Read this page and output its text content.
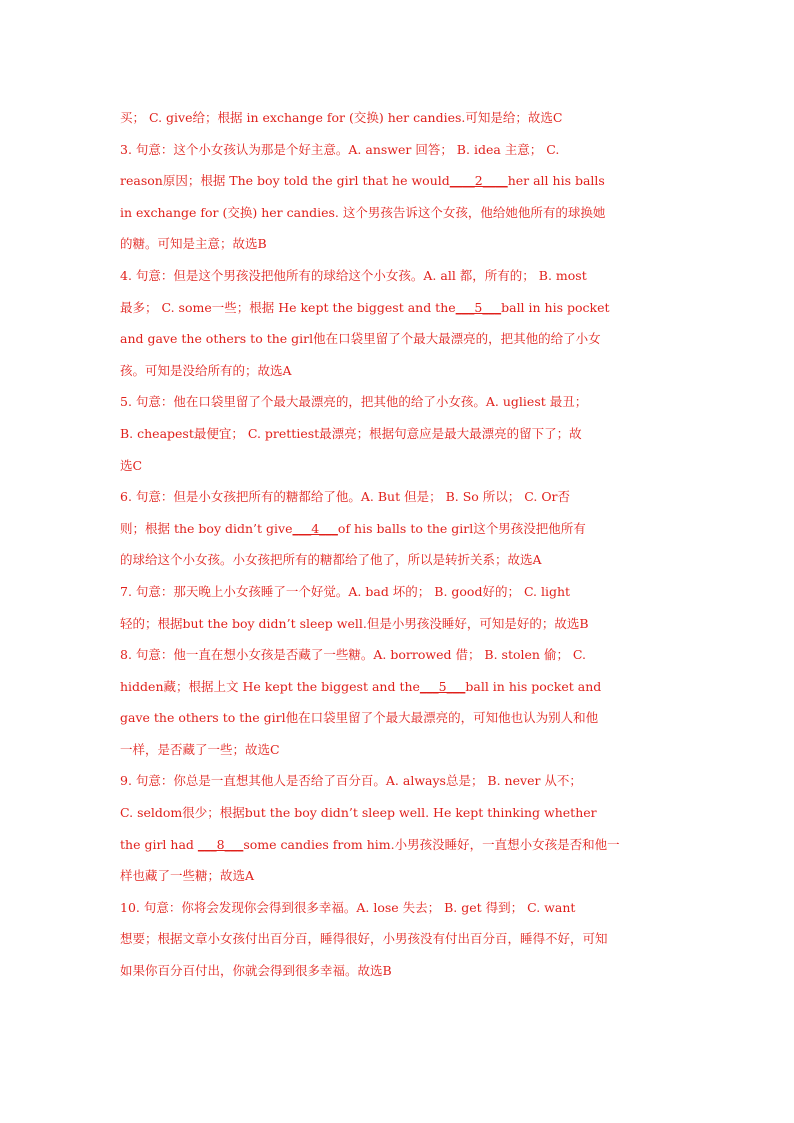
买； C. give给；根据 in exchange for (交换) her candies.可知是给；故选C
3. 句意：这个小女孩认为那是个好主意。A. answer 回答； B. idea 主意； C.
reason原因；根据 The boy told the girl that he would____2____her all his balls
in exchange for (交换) her candies. 这个男孩告诉这个女孩，他给她他所有的球换她
的糖。可知是主意；故选B
4. 句意：但是这个男孩没把他所有的球给这个小女孩。A. all 都，所有的； B. most
最多； C. some一些；根据 He kept the biggest and the___5___ball in his pocket
and gave the others to the girl他在口袋里留了个最大最漂亮的，把其他的给了小女
孩。可知是没给所有的；故选A
5. 句意：他在口袋里留了个最大最漂亮的，把其他的给了小女孩。A. ugliest 最丑；
B. cheapest最便宜； C. prettiest最漂亮；根据句意应是最大最漂亮的留下了；故
选C
6. 句意：但是小女孩把所有的糖都给了他。A. But 但是； B. So 所以； C. Or否
则；根据 the boy didn’t give___4___of his balls to the girl这个男孩没把他所有
的球给这个小女孩。小女孩把所有的糖都给了他了，所以是转折关系；故选A
7. 句意：那天晚上小女孩睡了一个好觉。A. bad 坏的； B. good好的； C. light
轻的；根据but the boy didn’t sleep well.但是小男孩没睡好，可知是好的；故选B
8. 句意：他一直在想小女孩是否藏了一些糖。A. borrowed 借； B. stolen 偷； C.
hidden藏；根据上文 He kept the biggest and the___5___ball in his pocket and
gave the others to the girl他在口袋里留了个最大最漂亮的，可知他也认为别人和他
一样，是否藏了一些；故选C
9. 句意：你总是一直想其他人是否给了百分百。A. always总是； B. never 从不；
C. seldom很少；根据but the boy didn’t sleep well. He kept thinking whether
the girl had ___8___some candies from him.小男孩没睡好，一直想小女孩是否和他一
样也藏了一些糖；故选A
10. 句意：你将会发现你会得到很多幸福。A. lose 失去； B. get 得到； C. want
想要；根据文章小女孩付出百分百，睡得很好，小男孩没有付出百分百，睡得不好，可知
如果你百分百付出，你就会得到很多幸福。故选B
